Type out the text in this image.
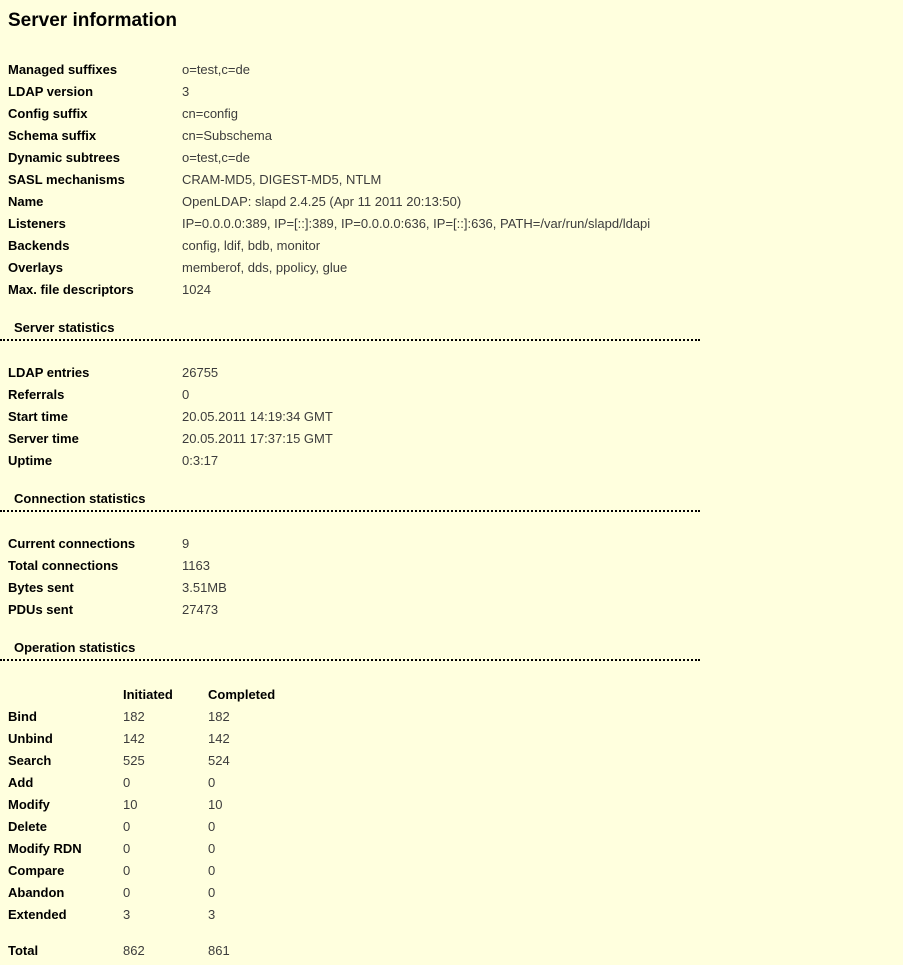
Server information
Managed suffixes	o=test,c=de
LDAP version	3
Config suffix	cn=config
Schema suffix	cn=Subschema
Dynamic subtrees	o=test,c=de
SASL mechanisms	CRAM-MD5, DIGEST-MD5, NTLM
Name	OpenLDAP: slapd 2.4.25 (Apr 11 2011 20:13:50)
Listeners	IP=0.0.0.0:389, IP=[::]:389, IP=0.0.0.0:636, IP=[::]:636, PATH=/var/run/slapd/ldapi
Backends	config, ldif, bdb, monitor
Overlays	memberof, dds, ppolicy, glue
Max. file descriptors	1024
Server statistics
LDAP entries	26755
Referrals	0
Start time	20.05.2011 14:19:34 GMT
Server time	20.05.2011 17:37:15 GMT
Uptime	0:3:17
Connection statistics
Current connections	9
Total connections	1163
Bytes sent	3.51MB
PDUs sent	27473
Operation statistics
	Initiated	Completed
Bind	182	182
Unbind	142	142
Search	525	524
Add	0	0
Modify	10	10
Delete	0	0
Modify RDN	0	0
Compare	0	0
Abandon	0	0
Extended	3	3

Total	862	861
